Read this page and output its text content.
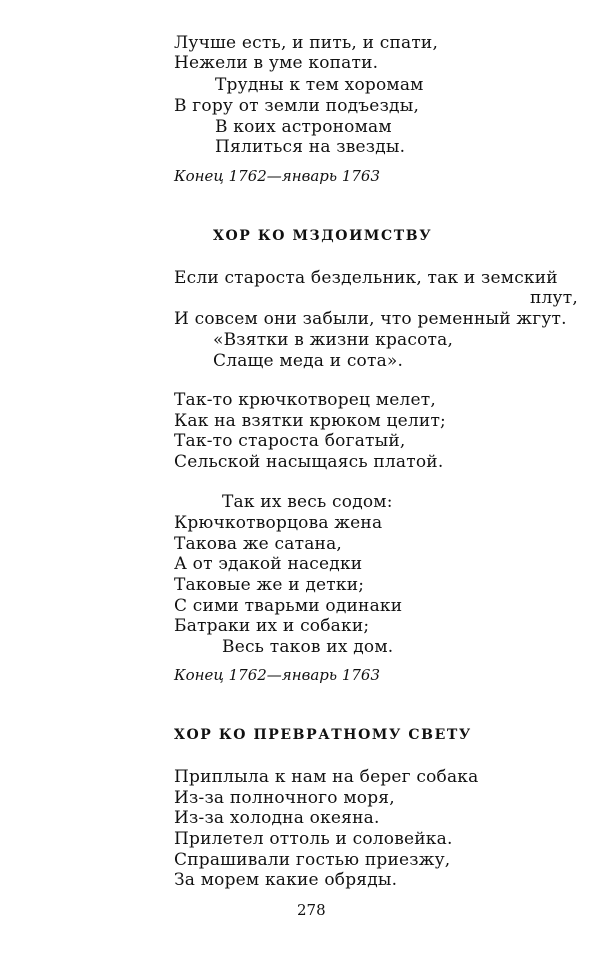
Лучше есть, и пить, и спати,
Нежели в уме копати.
Трудны к тем хоромам
В гору от земли подъезды,
В коих астрономам
Пялиться на звезды.
Конец 1762—январь 1763
ХОР КО МЗДОИМСТВУ
Если староста бездельник, так и земский
плут,
И совсем они забыли, что ременный жгут.
«Взятки в жизни красота,
Слаще меда и сота».
Так-то крючкотворец мелет,
Как на взятки крюком целит;
Так-то староста богатый,
Сельской насыщаясь платой.
Так их весь содом:
Крючкотворцова жена
Такова же сатана,
А от эдакой наседки
Таковые же и детки;
С сими тварьми одинаки
Батраки их и собаки;
Весь таков их дом.
Конец 1762—январь 1763
ХОР КО ПРЕВРАТНОМУ СВЕТУ
Приплыла к нам на берег собака
Из-за полночного моря,
Из-за холодна океяна.
Прилетел оттоль и соловейка.
Спрашивали гостью приезжу,
За морем какие обряды.
278
